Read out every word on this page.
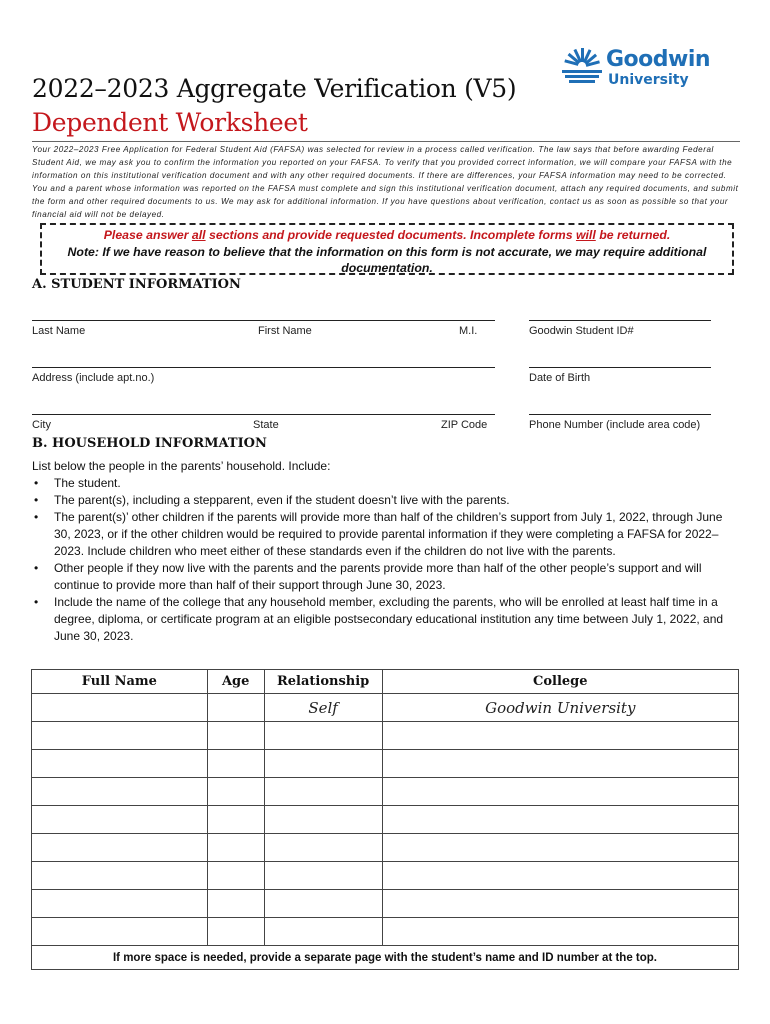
Goodwin
University
2022–2023 Aggregate Verification (V5)
Dependent Worksheet
Your 2022–2023 Free Application for Federal Student Aid (FAFSA) was selected for review in a process called verification. The law says that before awarding Federal Student Aid, we may ask you to confirm the information you reported on your FAFSA. To verify that you provided correct information, we will compare your FAFSA with the information on this institutional verification document and with any other required documents. If there are differences, your FAFSA information may need to be corrected. You and a parent whose information was reported on the FAFSA must complete and sign this institutional verification document, attach any required documents, and submit the form and other required documents to us. We may ask for additional information. If you have questions about verification, contact us as soon as possible so that your financial aid will not be delayed.
Please answer all sections and provide requested documents. Incomplete forms will be returned.
Note: If we have reason to believe that the information on this form is not accurate, we may require additional documentation.
A. STUDENT INFORMATION
Last Name	First Name	M.I.	Goodwin Student ID#
Address (include apt.no.)	Date of Birth
City	State	ZIP Code	Phone Number (include area code)
B. HOUSEHOLD INFORMATION
List below the people in the parents’ household. Include:
• The student.
• The parent(s), including a stepparent, even if the student doesn’t live with the parents.
• The parent(s)’ other children if the parents will provide more than half of the children’s support from July 1, 2022, through June 30, 2023, or if the other children would be required to provide parental information if they were completing a FAFSA for 2022–2023. Include children who meet either of these standards even if the children do not live with the parents.
• Other people if they now live with the parents and the parents provide more than half of the other people’s support and will continue to provide more than half of their support through June 30, 2023.
• Include the name of the college that any household member, excluding the parents, who will be enrolled at least half time in a degree, diploma, or certificate program at an eligible postsecondary educational institution any time between July 1, 2022, and June 30, 2023.
Full Name	Age	Relationship	College
		Self	Goodwin University

If more space is needed, provide a separate page with the student’s name and ID number at the top.			
